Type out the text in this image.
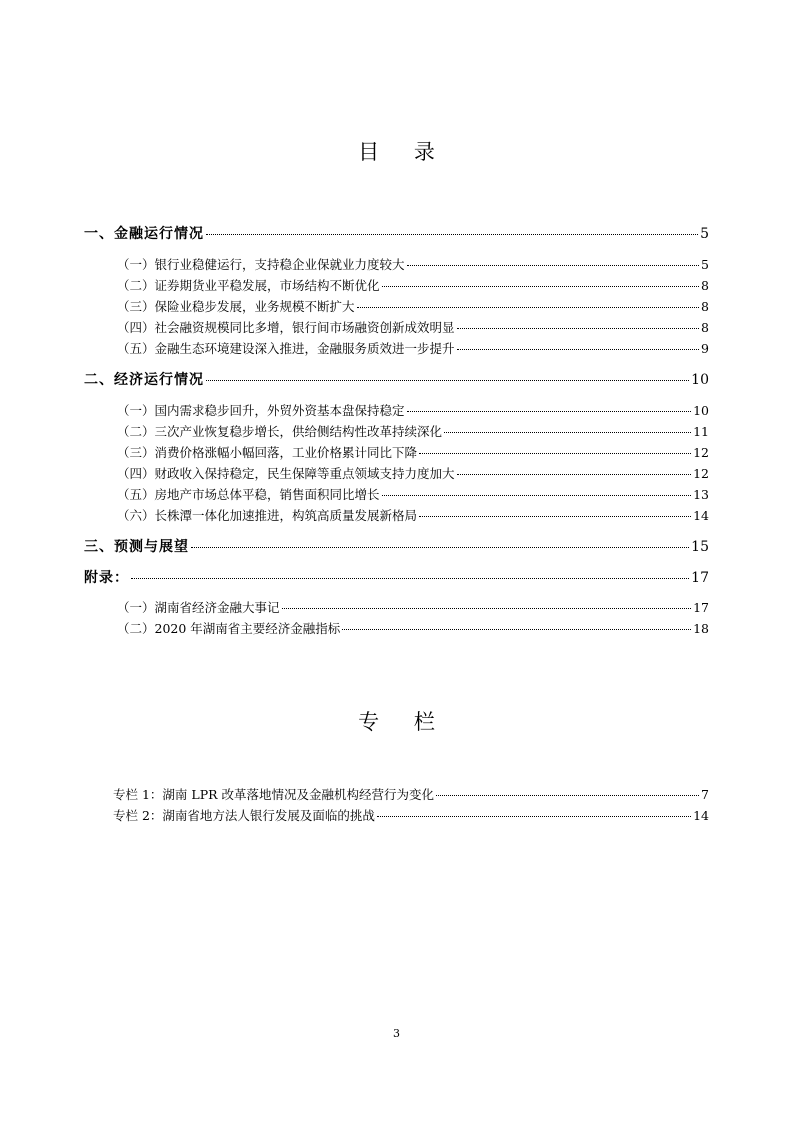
目 录
一、金融运行情况	5
（一）银行业稳健运行，支持稳企业保就业力度较大	5
（二）证券期货业平稳发展，市场结构不断优化	8
（三）保险业稳步发展，业务规模不断扩大	8
（四）社会融资规模同比多增，银行间市场融资创新成效明显	8
（五）金融生态环境建设深入推进，金融服务质效进一步提升	9
二、经济运行情况	10
（一）国内需求稳步回升，外贸外资基本盘保持稳定	10
（二）三次产业恢复稳步增长，供给侧结构性改革持续深化	11
（三）消费价格涨幅小幅回落，工业价格累计同比下降	12
（四）财政收入保持稳定，民生保障等重点领域支持力度加大	12
（五）房地产市场总体平稳，销售面积同比增长	13
（六）长株潭一体化加速推进，构筑高质量发展新格局	14
三、预测与展望	15
附录：	17
（一）湖南省经济金融大事记	17
（二）2020 年湖南省主要经济金融指标	18
专 栏
专栏 1：湖南 LPR 改革落地情况及金融机构经营行为变化	7
专栏 2：湖南省地方法人银行发展及面临的挑战	14
3
